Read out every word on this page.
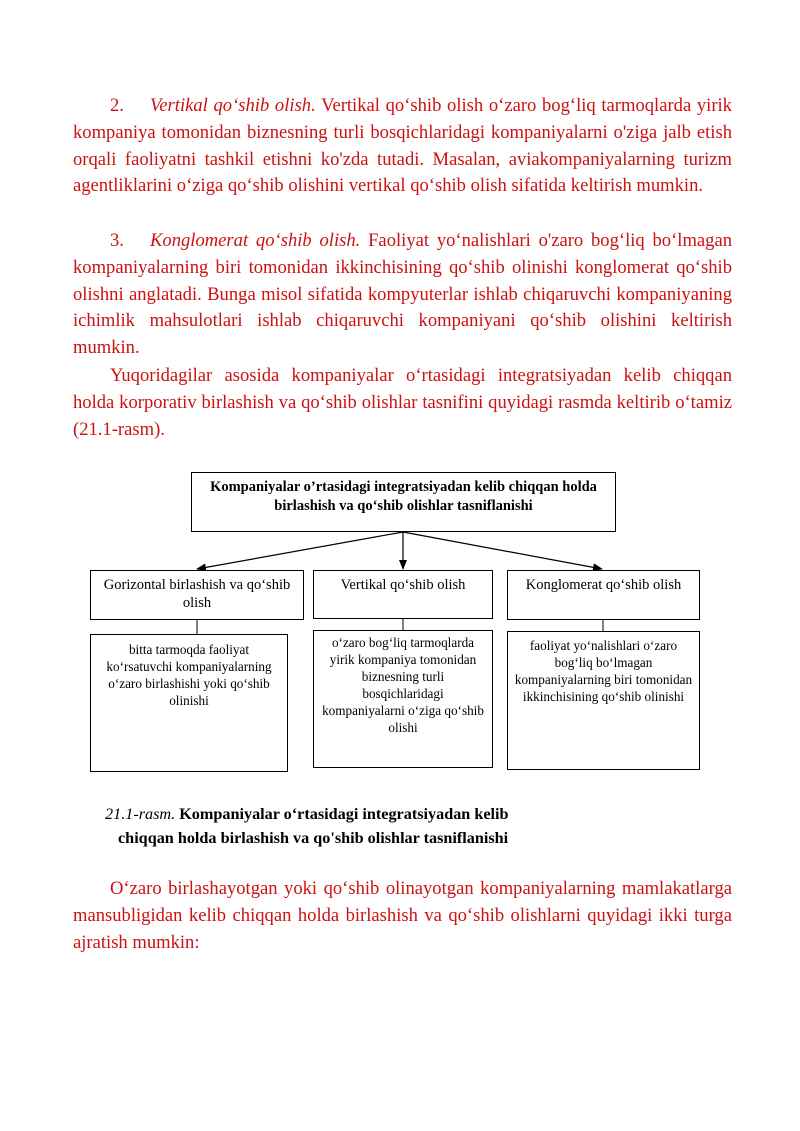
2. Vertikal qo‘shib olish. Vertikal qo‘shib olish o‘zaro bog‘liq tarmoqlarda yirik kompaniya tomonidan biznesning turli bosqichlaridagi kompaniyalarni o'ziga jalb etish orqali faoliyatni tashkil etishni ko'zda tutadi. Masalan, aviakompaniyalarning turizm agentliklarini o‘ziga qo‘shib olishini vertikal qo‘shib olish sifatida keltirish mumkin.

3. Konglomerat qo‘shib olish. Faoliyat yo‘nalishlari o'zaro bog‘liq bo‘lmagan kompaniyalarning biri tomonidan ikkinchisining qo‘shib olinishi konglomerat qo‘shib olishni anglatadi. Bunga misol sifatida kompyuterlar ishlab chiqaruvchi kompaniyaning ichimlik mahsulotlari ishlab chiqaruvchi kompaniyani qo‘shib olishini keltirish mumkin.

Yuqoridagilar asosida kompaniyalar o‘rtasidagi integratsiyadan kelib chiqqan holda korporativ birlashish va qo‘shib olishlar tasnifini quyidagi rasmda keltirib o‘tamiz (21.1-rasm).

Kompaniyalar o’rtasidagi integratsiyadan kelib chiqqan holda birlashish va qo‘shib olishlar tasniflanishi
Gorizontal birlashish va qo‘shib olish
Vertikal qo‘shib olish	Konglomerat qo‘shib olish
bitta tarmoqda faoliyat ko‘rsatuvchi kompaniyalarning o‘zaro birlashishi yoki qo‘shib olinishi
o‘zaro bog‘liq tarmoqlarda yirik kompaniya tomonidan biznesning turli bosqichlaridagi kompaniyalarni o‘ziga qo‘shib olishi
faoliyat yo‘nalishlari o‘zaro bog‘liq bo‘lmagan kompaniyalarning biri tomonidan ikkinchisining qo‘shib olinishi

21.1-rasm. Kompaniyalar o‘rtasidagi integratsiyadan kelib
chiqqan holda birlashish va qo'shib olishlar tasniflanishi

O‘zaro birlashayotgan yoki qo‘shib olinayotgan kompaniyalarning mamlakatlarga mansubligidan kelib chiqqan holda birlashish va qo‘shib olishlarni quyidagi ikki turga ajratish mumkin:
